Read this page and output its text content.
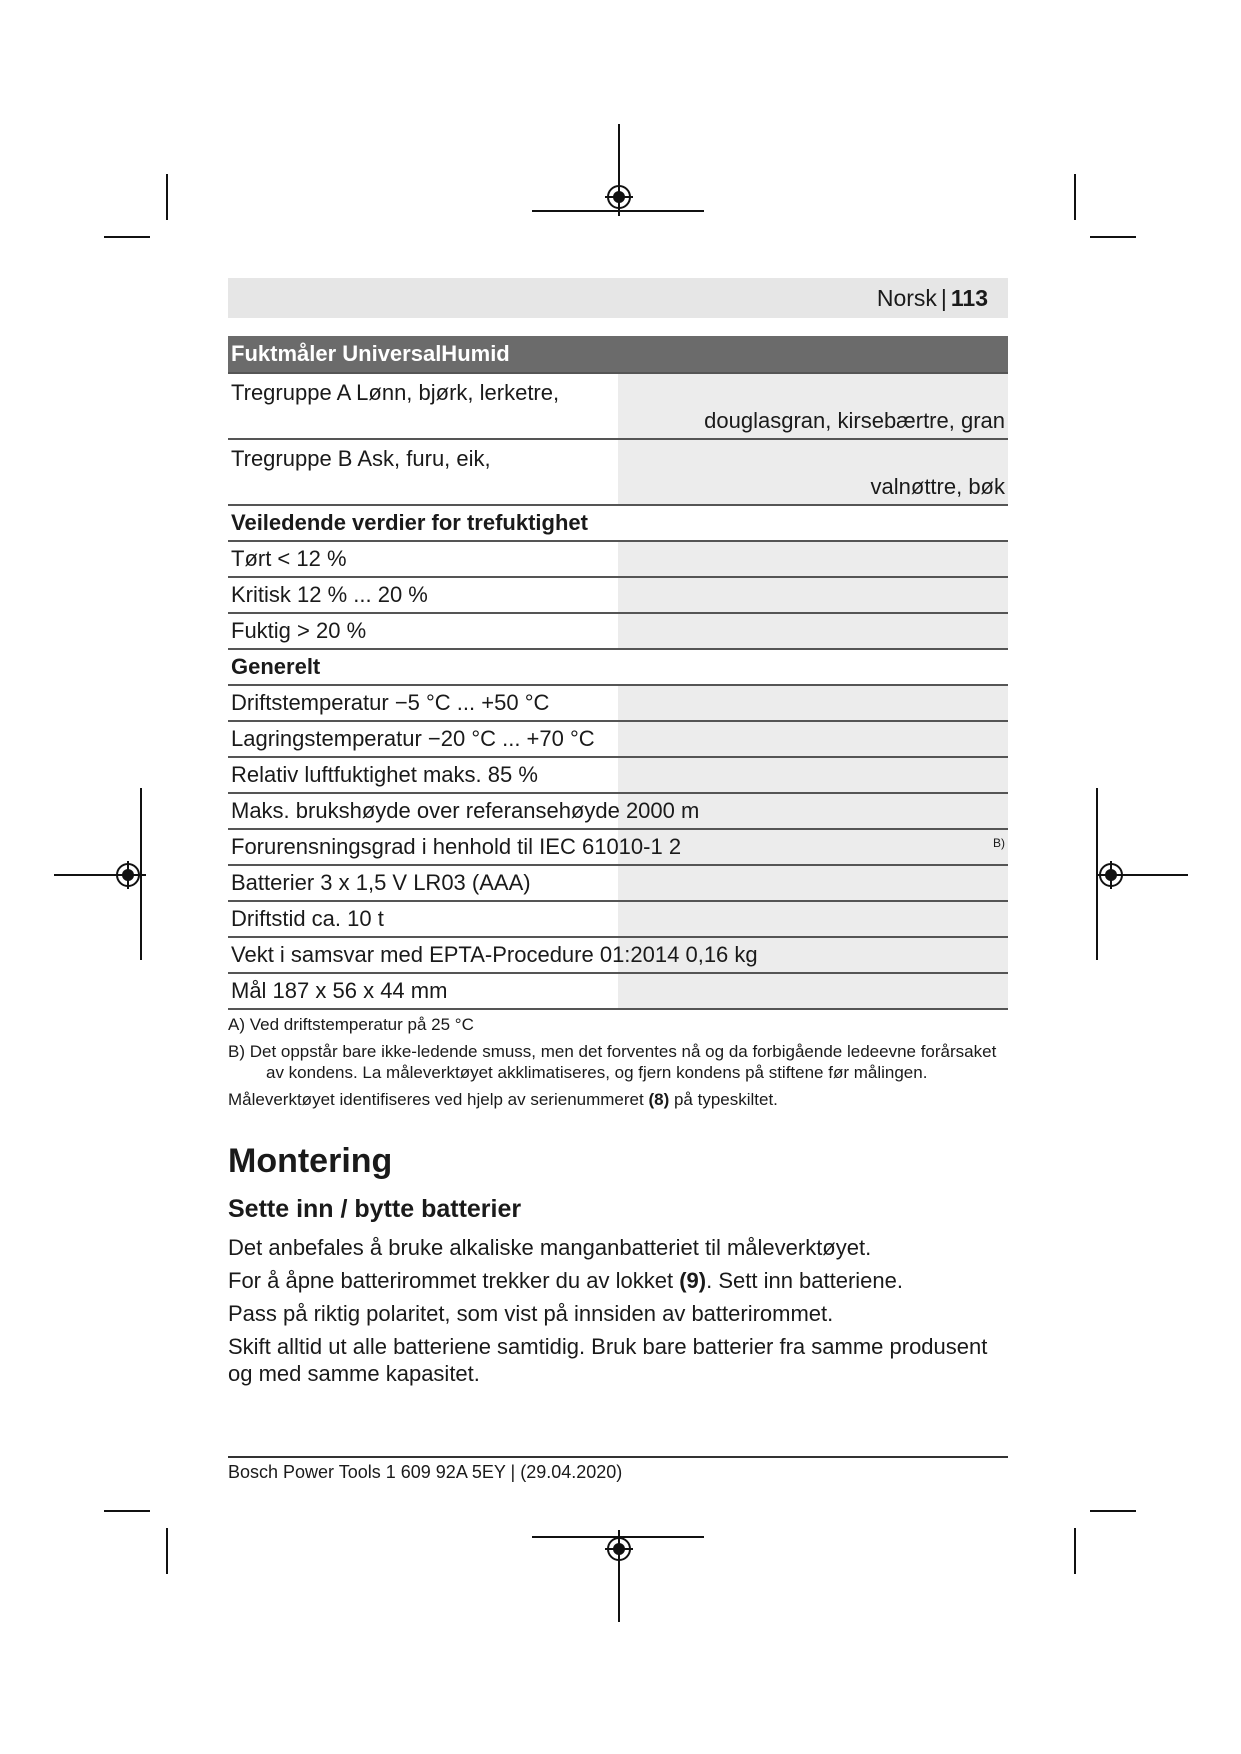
Norsk | 113
Fuktmåler UniversalHumid	
Tregruppe A Lønn, bjørk, lerketre,	douglasgran, kirsebærtre, gran
Tregruppe B Ask, furu, eik,	valnøttre, bøk
Veiledende verdier for trefuktighet	
Tørt < 12 %	
Kritisk 12 % ... 20 %	
Fuktig > 20 %	
Generelt	
Driftstemperatur −5 °C ... +50 °C	
Lagringstemperatur −20 °C ... +70 °C	
Relativ luftfuktighet maks. 85 %	
Maks. brukshøyde over referansehøyde 2000 m	
Forurensningsgrad i henhold til IEC 61010-1 2	$^{B)}$
Batterier 3 x 1,5 V LR03 (AAA)	
Driftstid ca. 10 t	
Vekt i samsvar med EPTA-Procedure 01:2014 0,16 kg	
Mål 187 x 56 x 44 mm	

A) Ved driftstemperatur på 25 °C

B) Det oppstår bare ikke-ledende smuss, men det forventes nå og da forbigående ledeevne forårsaket av kondens. La måleverktøyet akklimatiseres, og fjern kondens på stiftene før målingen.

Måleverktøyet identifiseres ved hjelp av serienummeret (8) på typeskiltet.

Montering
Sette inn / bytte batterier

Det anbefales å bruke alkaliske manganbatteriet til måleverktøyet.

For å åpne batterirommet trekker du av lokket (9). Sett inn batteriene.

Pass på riktig polaritet, som vist på innsiden av batterirommet.

Skift alltid ut alle batteriene samtidig. Bruk bare batterier fra samme produsent og med samme kapasitet.

Bosch Power Tools 1 609 92A 5EY | (29.04.2020)
